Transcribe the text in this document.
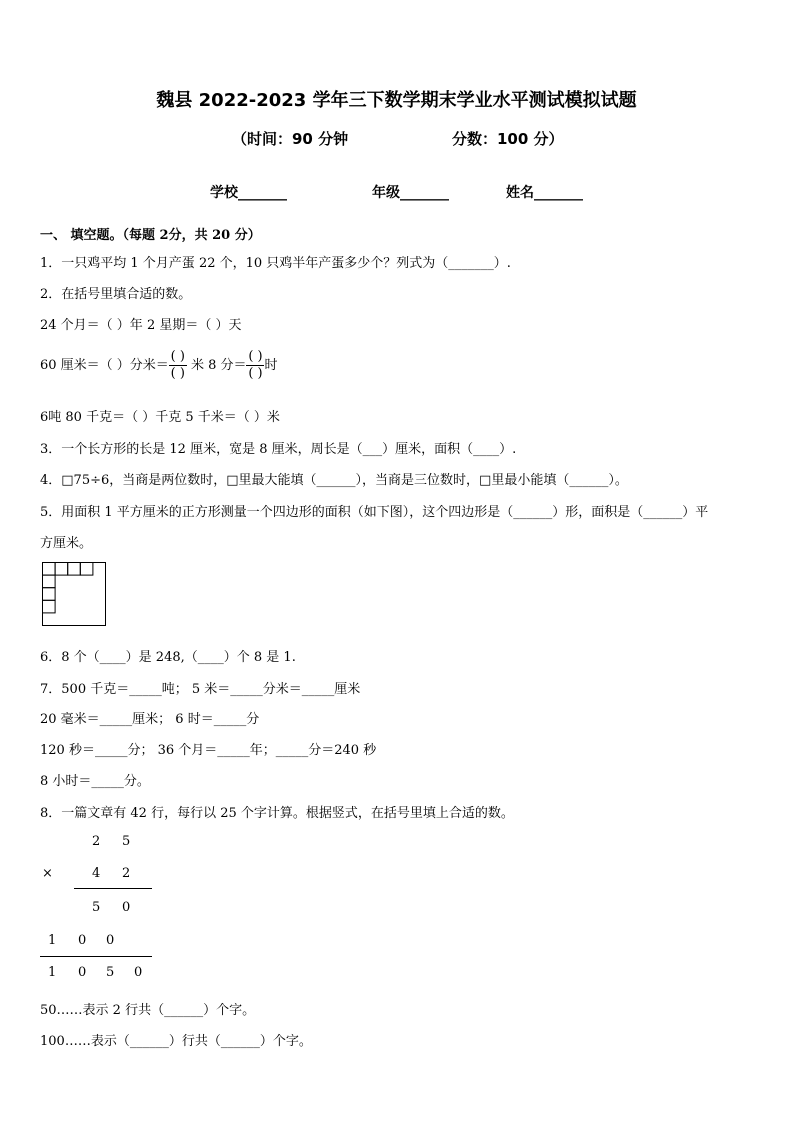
魏县 2022-2023 学年三下数学期末学业水平测试模拟试题
（时间：90 分钟	分数：100 分）
学校_______	年级_______	姓名_______
一、 填空题。（每题 2分，共 20 分）
1．一只鸡平均 1 个月产蛋 22 个，10 只鸡半年产蛋多少个？列式为（_______）.
2．在括号里填合适的数。
24 个月＝（ ）年 2 星期＝（ ）天
60 厘米＝（ ）分米＝ $\frac{( )}{( )}$ 米 8 分＝ $\frac{( )}{( )}$ 时
6吨 80 千克＝（ ）千克 5 千米＝（ ）米
3．一个长方形的长是 12 厘米，宽是 8 厘米，周长是（___）厘米，面积（____）.
4．□75÷6，当商是两位数时，□里最大能填（______），当商是三位数时，□里最小能填（______）。
5．用面积 1 平方厘米的正方形测量一个四边形的面积（如下图），这个四边形是（______）形，面积是（______）平
方厘米。
6．8 个（____）是 248,（____）个 8 是 1.
7．500 千克＝_____吨； 5 米＝_____分米＝_____厘米
20 毫米＝_____厘米； 6 时＝_____分
120 秒＝_____分； 36 个月＝_____年；_____分＝240 秒
8 小时＝_____分。
8．一篇文章有 42 行，每行以 25 个字计算。根据竖式，在括号里填上合适的数。
2 5
×	4 2
5 0
1 0 0
1 0 5 0
50……表示 2 行共（______）个字。
100……表示（______）行共（______）个字。
